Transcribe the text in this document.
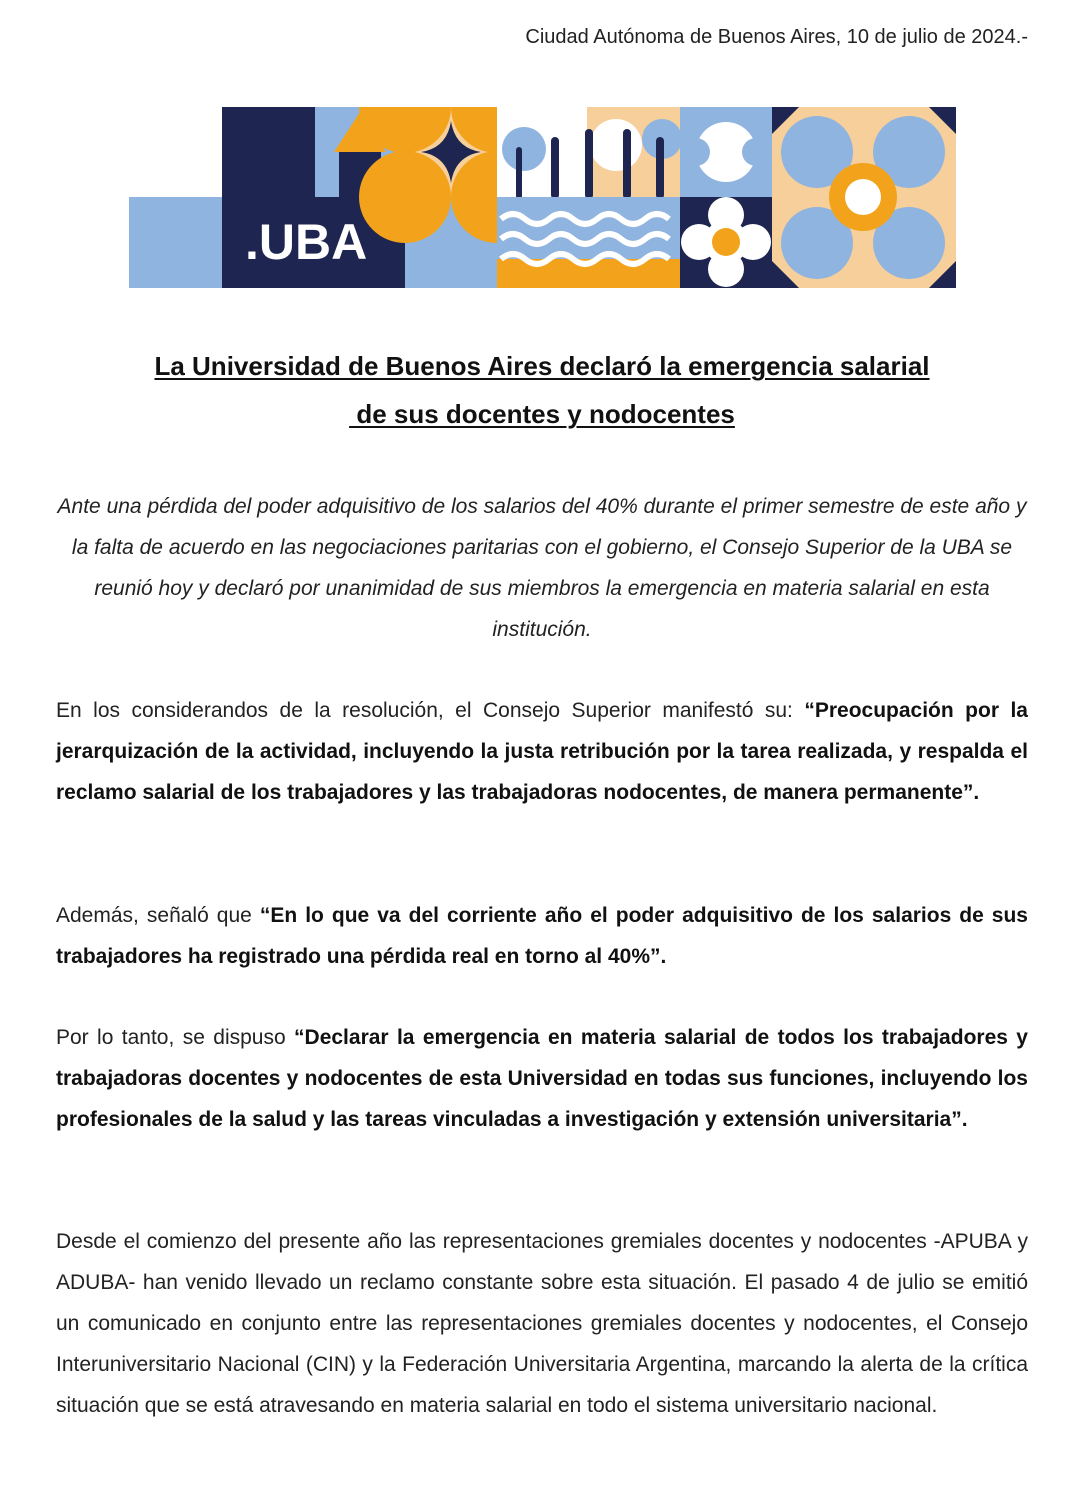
Ciudad Autónoma de Buenos Aires, 10 de julio de 2024.-
.UBA
La Universidad de Buenos Aires declaró la emergencia salarial
de sus docentes y nodocentes
Ante una pérdida del poder adquisitivo de los salarios del 40% durante el primer semestre de este año y la falta de acuerdo en las negociaciones paritarias con el gobierno, el Consejo Superior de la UBA se reunió hoy y declaró por unanimidad de sus miembros la emergencia en materia salarial en esta institución.
En los considerandos de la resolución, el Consejo Superior manifestó su: “Preocupación por la jerarquización de la actividad, incluyendo la justa retribución por la tarea realizada, y respalda el reclamo salarial de los trabajadores y las trabajadoras nodocentes, de manera permanente”.
Además, señaló que “En lo que va del corriente año el poder adquisitivo de los salarios de sus trabajadores ha registrado una pérdida real en torno al 40%”.
Por lo tanto, se dispuso “Declarar la emergencia en materia salarial de todos los trabajadores y trabajadoras docentes y nodocentes de esta Universidad en todas sus funciones, incluyendo los profesionales de la salud y las tareas vinculadas a investigación y extensión universitaria”.
Desde el comienzo del presente año las representaciones gremiales docentes y nodocentes -APUBA y ADUBA- han venido llevado un reclamo constante sobre esta situación. El pasado 4 de julio se emitió un comunicado en conjunto entre las representaciones gremiales docentes y nodocentes, el Consejo Interuniversitario Nacional (CIN) y la Federación Universitaria Argentina, marcando la alerta de la crítica situación que se está atravesando en materia salarial en todo el sistema universitario nacional.
